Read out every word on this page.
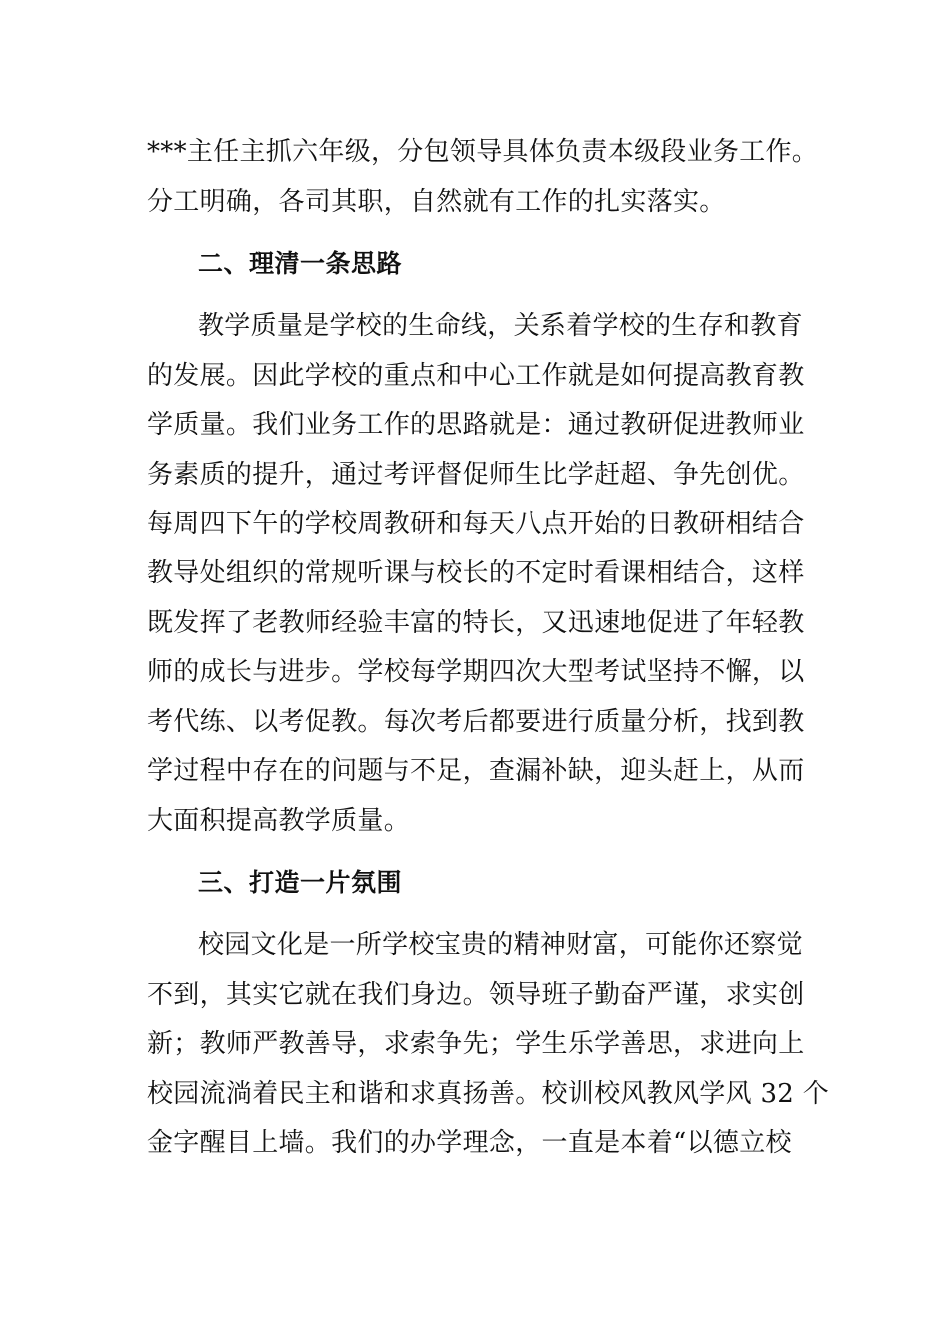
***主任主抓六年级，分包领导具体负责本级段业务工作。
分工明确，各司其职，自然就有工作的扎实落实。
二、理清一条思路
教学质量是学校的生命线，关系着学校的生存和教育
的发展。因此学校的重点和中心工作就是如何提高教育教
学质量。我们业务工作的思路就是：通过教研促进教师业
务素质的提升，通过考评督促师生比学赶超、争先创优。
每周四下午的学校周教研和每天八点开始的日教研相结合
教导处组织的常规听课与校长的不定时看课相结合，这样
既发挥了老教师经验丰富的特长，又迅速地促进了年轻教
师的成长与进步。学校每学期四次大型考试坚持不懈，以
考代练、以考促教。每次考后都要进行质量分析，找到教
学过程中存在的问题与不足，查漏补缺，迎头赶上，从而
大面积提高教学质量。
三、打造一片氛围
校园文化是一所学校宝贵的精神财富，可能你还察觉
不到，其实它就在我们身边。领导班子勤奋严谨，求实创
新；教师严教善导，求索争先；学生乐学善思，求进向上
校园流淌着民主和谐和求真扬善。校训校风教风学风 32 个
金字醒目上墙。我们的办学理念，一直是本着“以德立校
